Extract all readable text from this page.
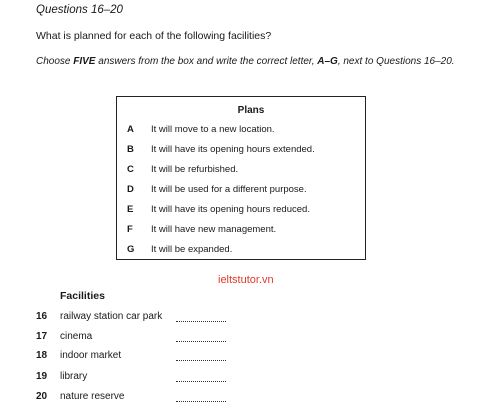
Questions 16–20
What is planned for each of the following facilities?
Choose FIVE answers from the box and write the correct letter, A–G, next to Questions 16–20.
Plans
A It will move to a new location.
B It will have its opening hours extended.
C It will be refurbished.
D It will be used for a different purpose.
E It will have its opening hours reduced.
F It will have new management.
G It will be expanded.
ieltstutor.vn
Facilities
16 railway station car park
17 cinema
18 indoor market
19 library
20 nature reserve
